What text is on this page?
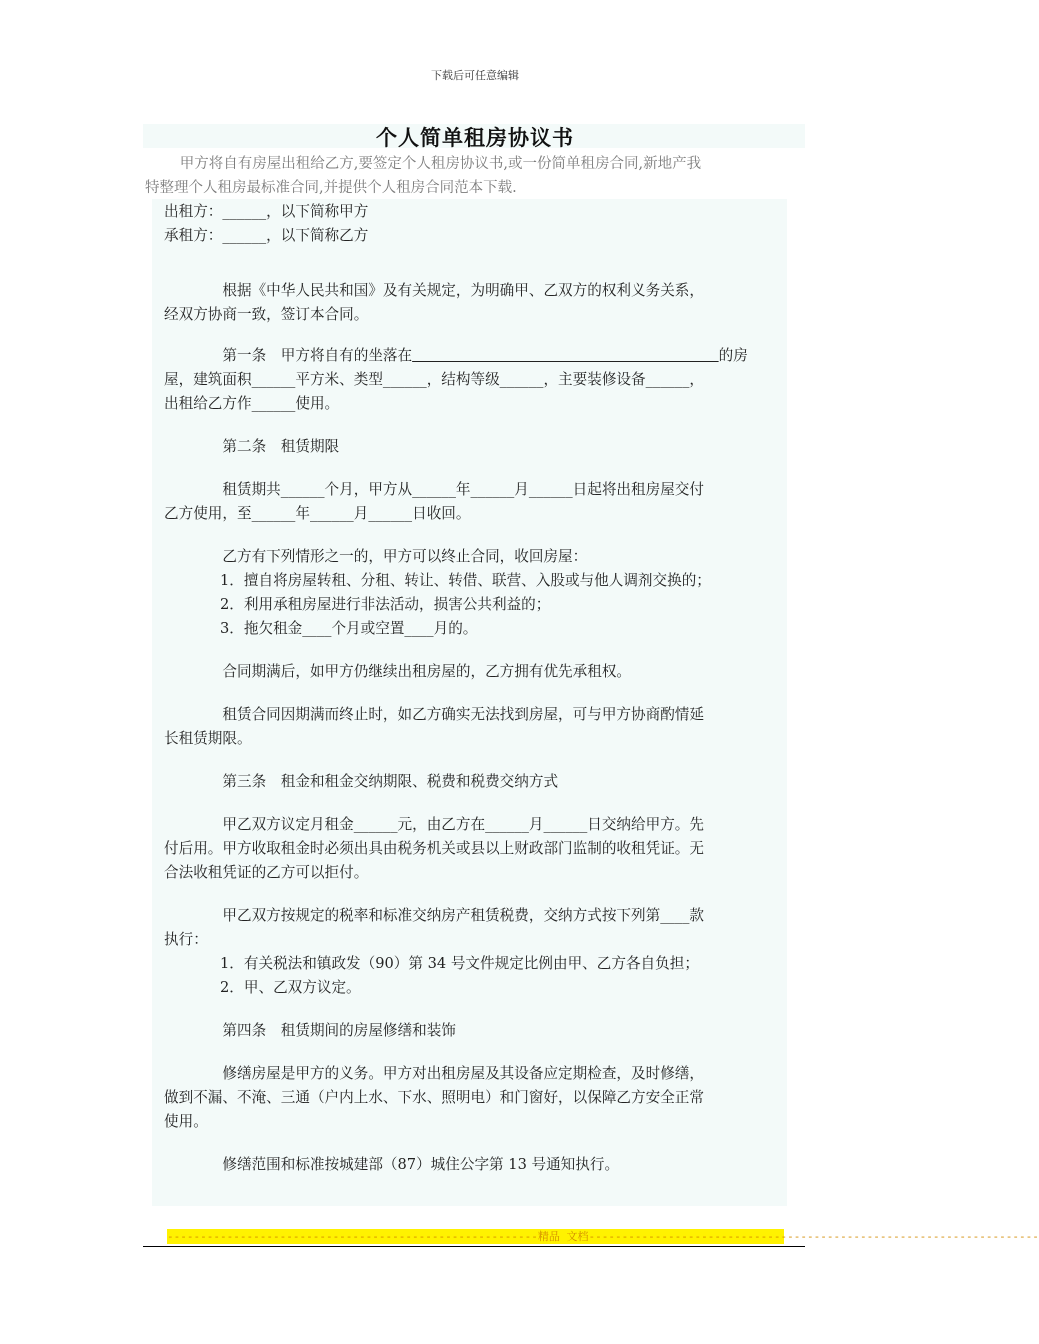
下载后可任意编辑
个人简单租房协议书
甲方将自有房屋出租给乙方,要签定个人租房协议书,或一份简单租房合同,新地产我
特整理个人租房最标准合同,并提供个人租房合同范本下载.
出租方：______，以下简称甲方
承租方：______，以下简称乙方
根据《中华人民共和国》及有关规定，为明确甲、乙双方的权利义务关系，
经双方协商一致，签订本合同。
第一条　甲方将自有的坐落在　　　　　　　　　　　　　　　　　　　　　	的房
屋，建筑面积______平方米、类型______，结构等级______，主要装修设备______，
出租给乙方作______使用。
第二条　租赁期限
租赁期共______个月，甲方从______年______月______日起将出租房屋交付
乙方使用，至______年______月______日收回。
乙方有下列情形之一的，甲方可以终止合同，收回房屋：
1．擅自将房屋转租、分租、转让、转借、联营、入股或与他人调剂交换的；
2．利用承租房屋进行非法活动，损害公共利益的；
3．拖欠租金____个月或空置____月的。
合同期满后，如甲方仍继续出租房屋的，乙方拥有优先承租权。
租赁合同因期满而终止时，如乙方确实无法找到房屋，可与甲方协商酌情延
长租赁期限。
第三条　租金和租金交纳期限、税费和税费交纳方式
甲乙双方议定月租金______元，由乙方在______月______日交纳给甲方。先
付后用。甲方收取租金时必须出具由税务机关或县以上财政部门监制的收租凭证。无
合法收租凭证的乙方可以拒付。
甲乙双方按规定的税率和标准交纳房产租赁税费，交纳方式按下列第____款
执行：
1．有关税法和镇政发（90）第 34 号文件规定比例由甲、乙方各自负担；
2．甲、乙双方议定。
第四条　租赁期间的房屋修缮和装饰
修缮房屋是甲方的义务。甲方对出租房屋及其设备应定期检查，及时修缮，
做到不漏、不淹、三通（户内上水、下水、照明电）和门窗好，以保障乙方安全正常
使用。
修缮范围和标准按城建部（87）城住公字第 13 号通知执行。
--------------------------------------------------------精品 文档--------------------------------------------------------------------
